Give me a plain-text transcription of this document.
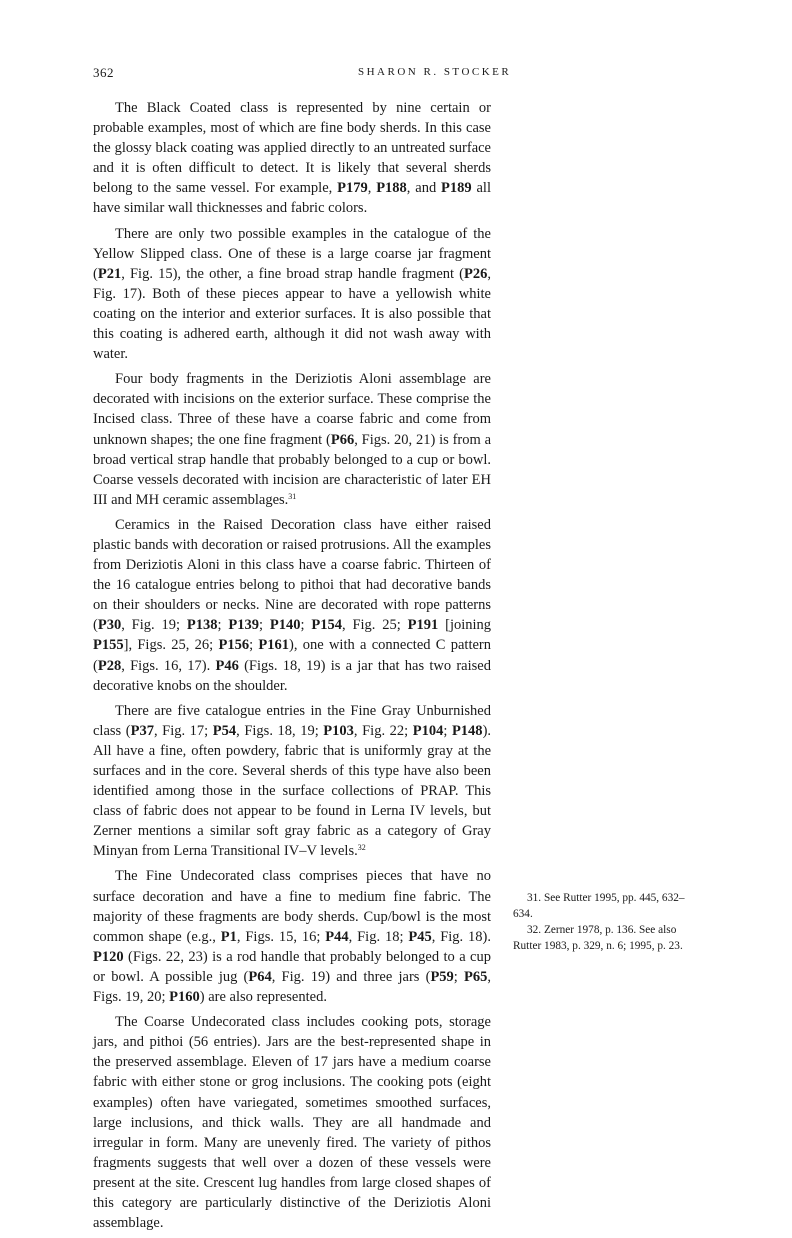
362	SHARON R. STOCKER

The Black Coated class is represented by nine certain or probable examples, most of which are fine body sherds. In this case the glossy black coating was applied directly to an untreated surface and it is often difficult to detect. It is likely that several sherds belong to the same vessel. For example, P179, P188, and P189 all have similar wall thicknesses and fabric colors.

There are only two possible examples in the catalogue of the Yellow Slipped class. One of these is a large coarse jar fragment (P21, Fig. 15), the other, a fine broad strap handle fragment (P26, Fig. 17). Both of these pieces appear to have a yellowish white coating on the interior and exterior surfaces. It is also possible that this coating is adhered earth, although it did not wash away with water.

Four body fragments in the Deriziotis Aloni assemblage are decorated with incisions on the exterior surface. These comprise the Incised class. Three of these have a coarse fabric and come from unknown shapes; the one fine fragment (P66, Figs. 20, 21) is from a broad vertical strap handle that probably belonged to a cup or bowl. Coarse vessels decorated with incision are characteristic of later EH III and MH ceramic assemblages.$^{31}$

Ceramics in the Raised Decoration class have either raised plastic bands with decoration or raised protrusions. All the examples from Deriziotis Aloni in this class have a coarse fabric. Thirteen of the 16 catalogue entries belong to pithoi that had decorative bands on their shoulders or necks. Nine are decorated with rope patterns (P30, Fig. 19; P138; P139; P140; P154, Fig. 25; P191 [joining P155], Figs. 25, 26; P156; P161), one with a connected C pattern (P28, Figs. 16, 17). P46 (Figs. 18, 19) is a jar that has two raised decorative knobs on the shoulder.

There are five catalogue entries in the Fine Gray Unburnished class (P37, Fig. 17; P54, Figs. 18, 19; P103, Fig. 22; P104; P148). All have a fine, often powdery, fabric that is uniformly gray at the surfaces and in the core. Several sherds of this type have also been identified among those in the surface collections of PRAP. This class of fabric does not appear to be found in Lerna IV levels, but Zerner mentions a similar soft gray fabric as a category of Gray Minyan from Lerna Transitional IV–V levels.$^{32}$

The Fine Undecorated class comprises pieces that have no surface decoration and have a fine to medium fine fabric. The majority of these fragments are body sherds. Cup/bowl is the most common shape (e.g., P1, Figs. 15, 16; P44, Fig. 18; P45, Fig. 18). P120 (Figs. 22, 23) is a rod handle that probably belonged to a cup or bowl. A possible jug (P64, Fig. 19) and three jars (P59; P65, Figs. 19, 20; P160) are also represented.

The Coarse Undecorated class includes cooking pots, storage jars, and pithoi (56 entries). Jars are the best-represented shape in the preserved assemblage. Eleven of 17 jars have a medium coarse fabric with either stone or grog inclusions. The cooking pots (eight examples) often have variegated, sometimes smoothed surfaces, large inclusions, and thick walls. They are all handmade and irregular in form. Many are unevenly fired. The variety of pithos fragments suggests that well over a dozen of these vessels were present at the site. Crescent lug handles from large closed shapes of this category are particularly distinctive of the Deriziotis Aloni assemblage.

31. See Rutter 1995, pp. 445, 632–634.

32. Zerner 1978, p. 136. See also Rutter 1983, p. 329, n. 6; 1995, p. 23.
